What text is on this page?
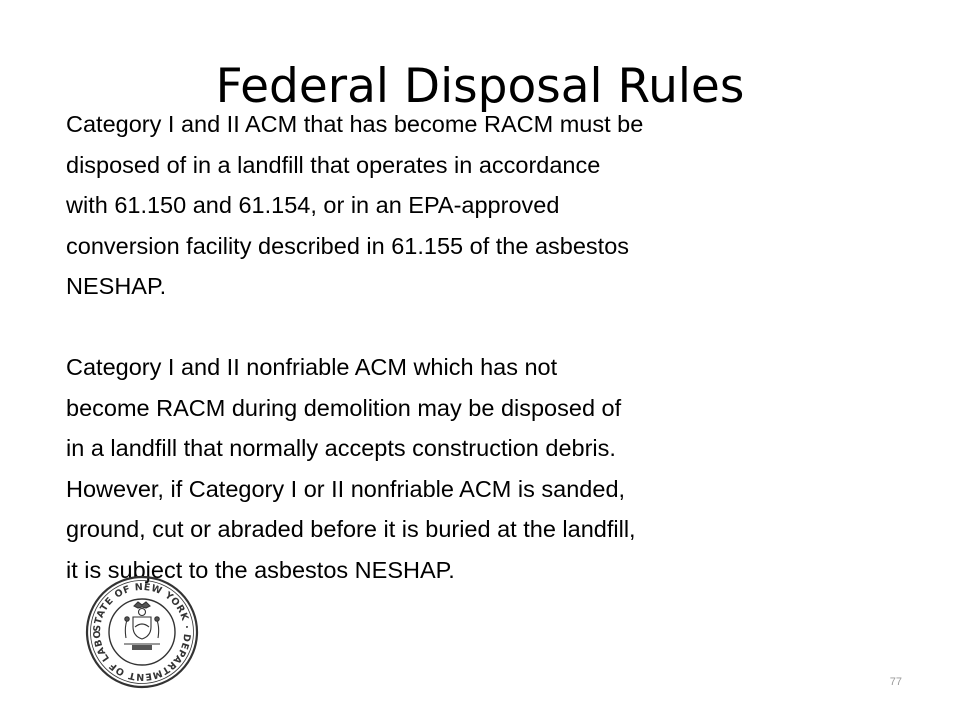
Federal Disposal Rules

Category I and II ACM that has become RACM must be

disposed of in a landfill that operates in accordance

with 61.150 and 61.154, or in an EPA-approved

conversion facility described in 61.155 of the asbestos

NESHAP.

Category I and II nonfriable ACM which has not

become RACM during demolition may be disposed of

in a landfill that normally accepts construction debris.

However, if Category I or II nonfriable ACM is sanded,

ground, cut or abraded before it is buried at the landfill,

it is subject to the asbestos NESHAP.

STATE OF NEW YORK · DEPARTMENT OF LABO
77
